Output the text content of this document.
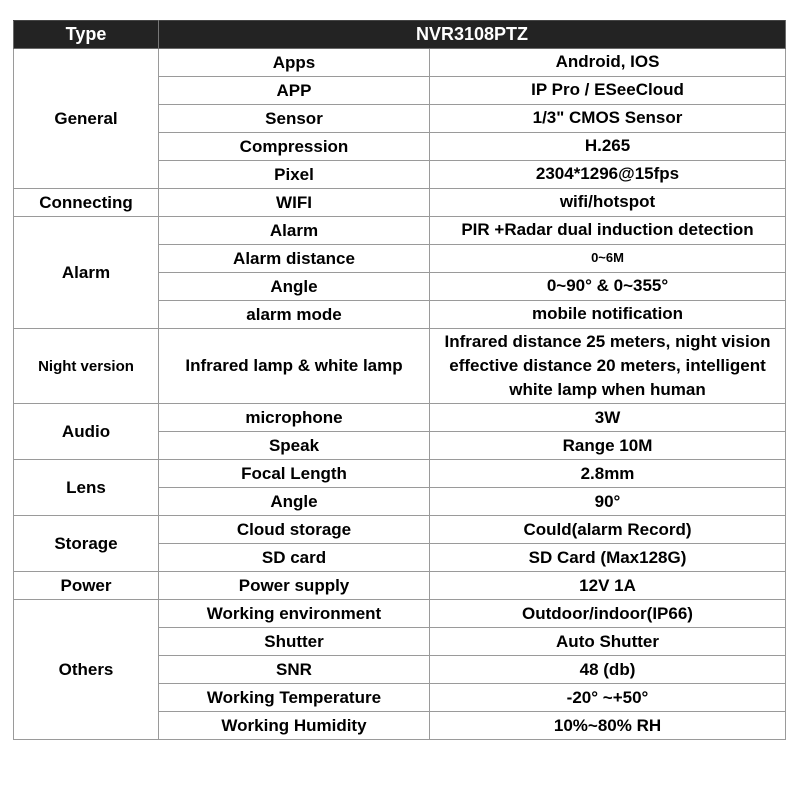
Type	NVR3108PTZ	
General	Apps	Android, IOS
	APP	IP Pro / ESeeCloud
	Sensor	1/3" CMOS Sensor
	Compression	H.265
	Pixel	2304*1296@15fps
Connecting	WIFI	wifi/hotspot
Alarm	Alarm	PIR +Radar dual induction detection
	Alarm distance	0~6M
	Angle	0~90° & 0~355°
	alarm mode	mobile notification
Night version	Infrared lamp & white lamp	Infrared distance 25 meters, night vision effective distance 20 meters, intelligent white lamp when human
Audio	microphone	3W
	Speak	Range 10M
Lens	Focal Length	2.8mm
	Angle	90°
Storage	Cloud storage	Could(alarm Record)
	SD card	SD Card (Max128G)
Power	Power supply	12V 1A
Others	Working environment	Outdoor/indoor(IP66)
	Shutter	Auto Shutter
	SNR	48 (db)
	Working Temperature	-20° ~+50°
	Working Humidity	10%~80% RH
